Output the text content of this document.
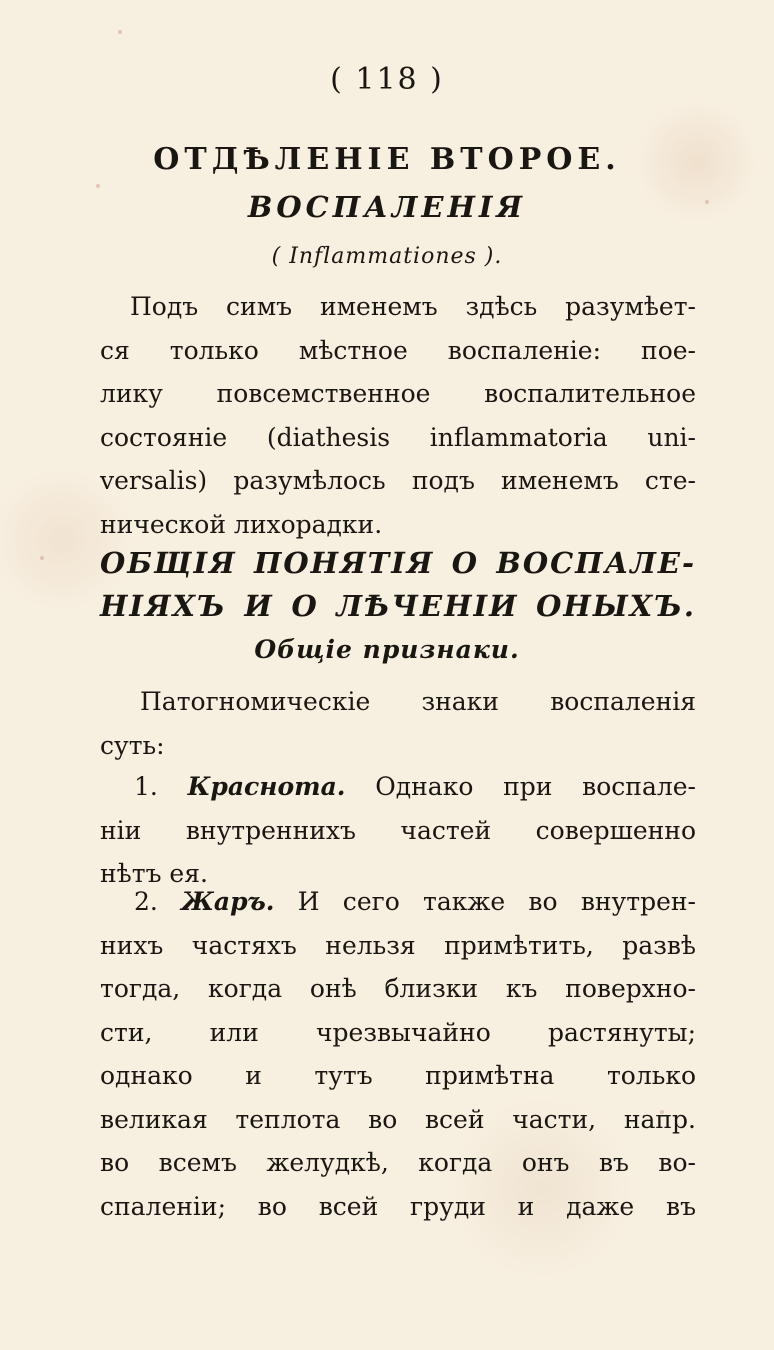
( 118 )
ОТДѢЛЕНІЕ ВТОРОЕ.
ВОСПАЛЕНІЯ
( Inflammationes ).
Подъ симъ именемъ здѣсь разумѣет-
ся только мѣстное воспаленіе: пое-
лику повсемственное воспалительное
состояніе (diathesis inflammatoria uni-
versalis) разумѣлось подъ именемъ сте-
нической лихорадки.
ОБЩІЯ ПОНЯТІЯ О ВОСПАЛЕ-
НІЯХЪ И О ЛѢЧЕНІИ ОНЫХЪ.
Общіе признаки.
Патогномическіе знаки воспаленія
суть:
1. Краснота. Однако при воспале-
ніи внутреннихъ частей совершенно
нѣтъ ея.
2. Жаръ. И сего также во внутрен-
нихъ частяхъ нельзя примѣтить, развѣ
тогда, когда онѣ близки къ поверхно-
сти, или чрезвычайно растянуты;
однако и тутъ примѣтна только
великая теплота во всей части, напр.
во всемъ желудкѣ, когда онъ въ во-
спаленіи; во всей груди и даже въ
